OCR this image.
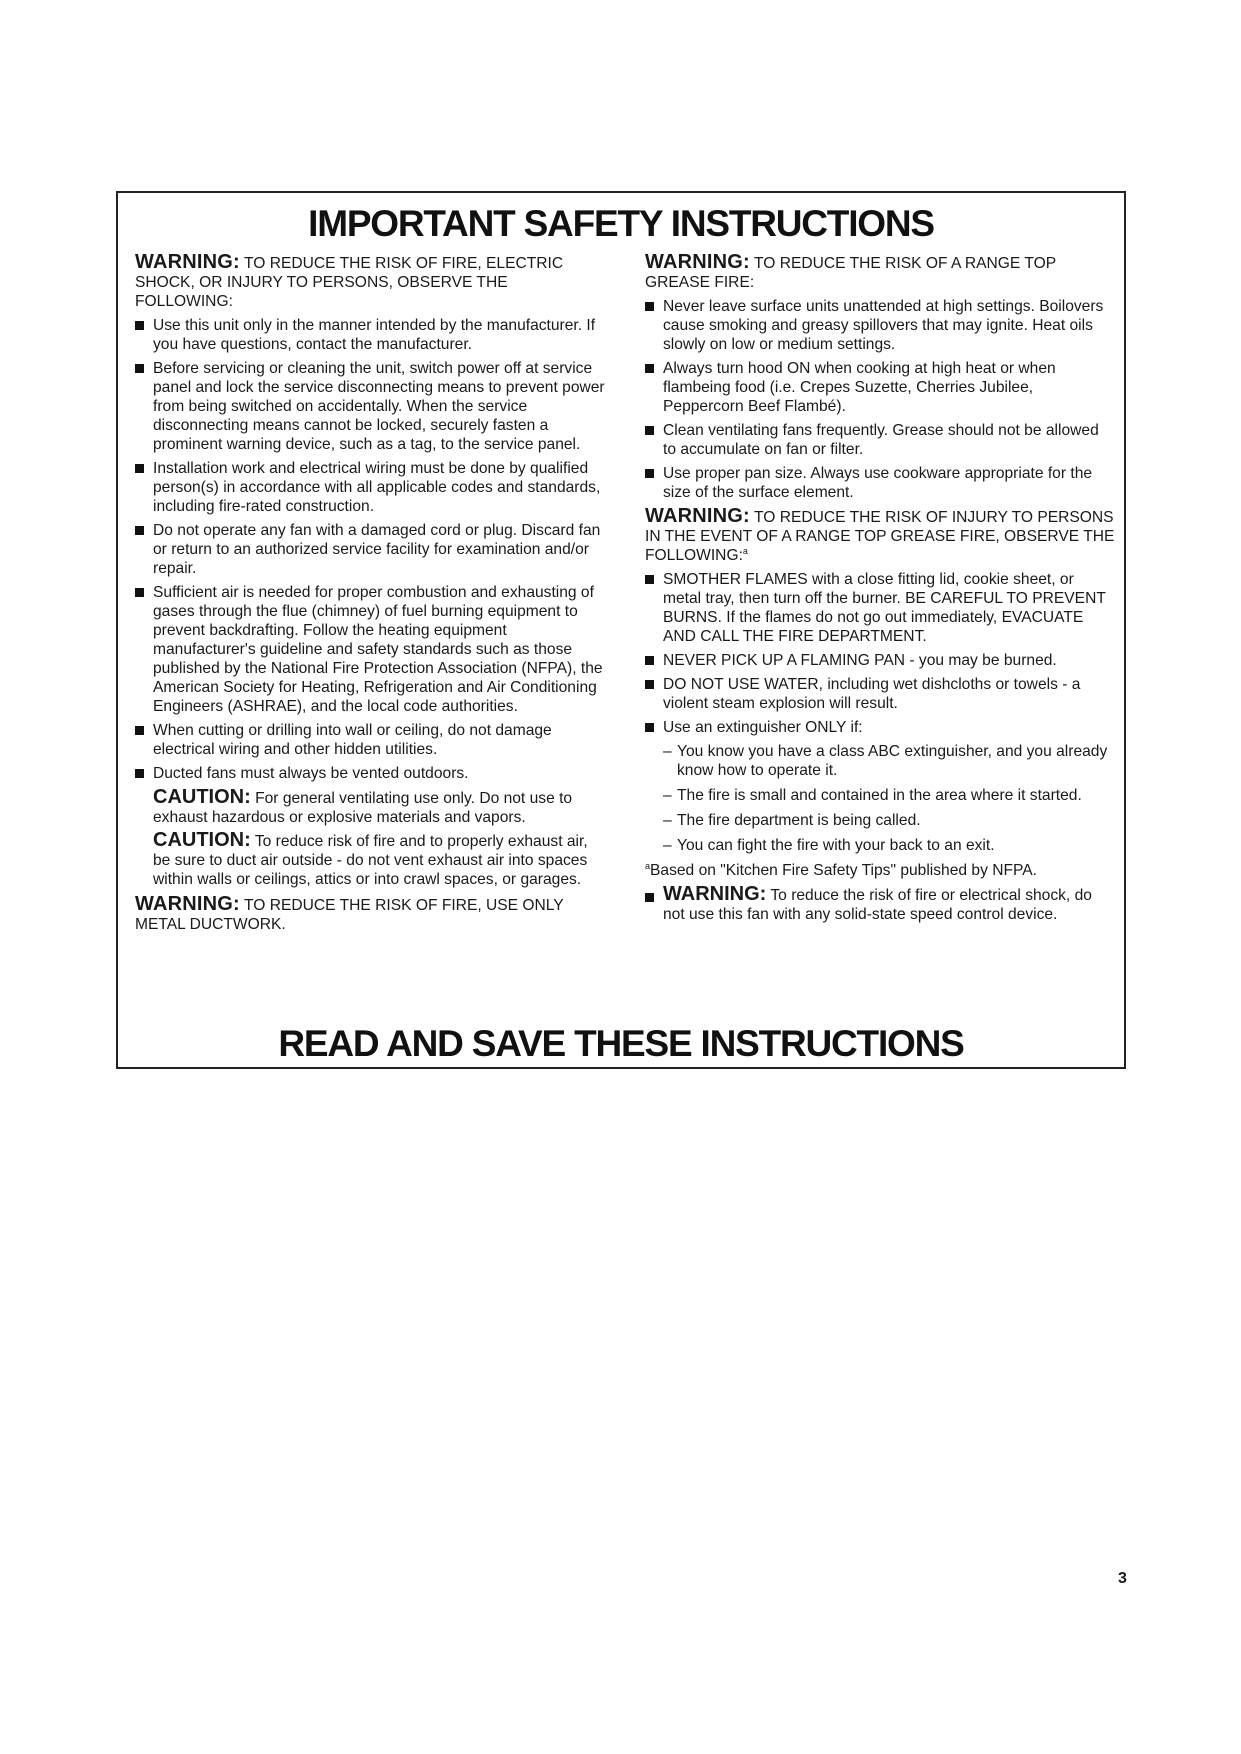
IMPORTANT SAFETY INSTRUCTIONS

WARNING: TO REDUCE THE RISK OF FIRE, ELECTRIC SHOCK, OR INJURY TO PERSONS, OBSERVE THE FOLLOWING:

Use this unit only in the manner intended by the manufacturer. If you have questions, contact the manufacturer.
Before servicing or cleaning the unit, switch power off at service panel and lock the service disconnecting means to prevent power from being switched on accidentally. When the service disconnecting means cannot be locked, securely fasten a prominent warning device, such as a tag, to the service panel.
Installation work and electrical wiring must be done by qualified person(s) in accordance with all applicable codes and standards, including fire-rated construction.
Do not operate any fan with a damaged cord or plug. Discard fan or return to an authorized service facility for examination and/or repair.
Sufficient air is needed for proper combustion and exhausting of gases through the flue (chimney) of fuel burning equipment to prevent backdrafting. Follow the heating equipment manufacturer's guideline and safety standards such as those published by the National Fire Protection Association (NFPA), the American Society for Heating, Refrigeration and Air Conditioning Engineers (ASHRAE), and the local code authorities.
When cutting or drilling into wall or ceiling, do not damage electrical wiring and other hidden utilities.
Ducted fans must always be vented outdoors.

CAUTION: For general ventilating use only. Do not use to exhaust hazardous or explosive materials and vapors.

CAUTION: To reduce risk of fire and to properly exhaust air, be sure to duct air outside - do not vent exhaust air into spaces within walls or ceilings, attics or into crawl spaces, or garages.

WARNING: TO REDUCE THE RISK OF FIRE, USE ONLY METAL DUCTWORK.

WARNING: TO REDUCE THE RISK OF A RANGE TOP GREASE FIRE:

Never leave surface units unattended at high settings. Boilovers cause smoking and greasy spillovers that may ignite. Heat oils slowly on low or medium settings.
Always turn hood ON when cooking at high heat or when flambeing food (i.e. Crepes Suzette, Cherries Jubilee, Peppercorn Beef Flambé).
Clean ventilating fans frequently. Grease should not be allowed to accumulate on fan or filter.
Use proper pan size. Always use cookware appropriate for the size of the surface element.

WARNING: TO REDUCE THE RISK OF INJURY TO PERSONS IN THE EVENT OF A RANGE TOP GREASE FIRE, OBSERVE THE FOLLOWING:$^a$

SMOTHER FLAMES with a close fitting lid, cookie sheet, or metal tray, then turn off the burner. BE CAREFUL TO PREVENT BURNS. If the flames do not go out immediately, EVACUATE AND CALL THE FIRE DEPARTMENT.
NEVER PICK UP A FLAMING PAN - you may be burned.
DO NOT USE WATER, including wet dishcloths or towels - a violent steam explosion will result.
Use an extinguisher ONLY if:
– You know you have a class ABC extinguisher, and you already know how to operate it.
– The fire is small and contained in the area where it started.
– The fire department is being called.
– You can fight the fire with your back to an exit.

$^a$Based on "Kitchen Fire Safety Tips" published by NFPA.

WARNING: To reduce the risk of fire or electrical shock, do not use this fan with any solid-state speed control device.
READ AND SAVE THESE INSTRUCTIONS
3
